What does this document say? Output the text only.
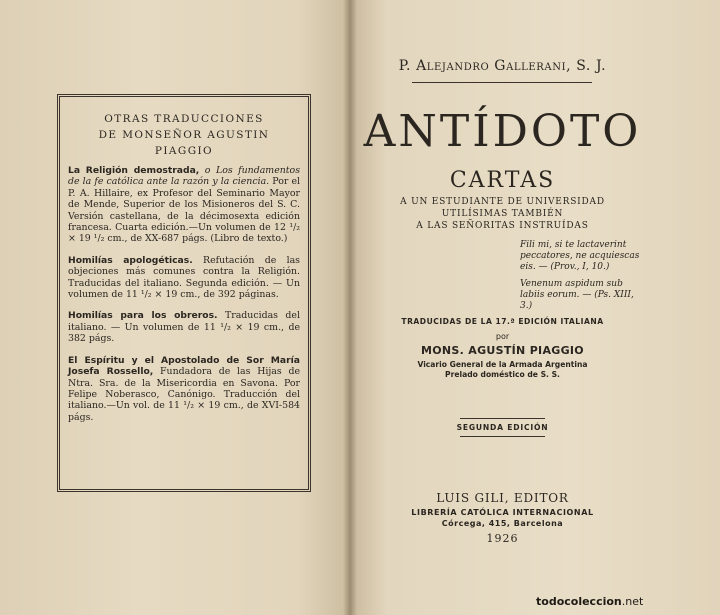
OTRAS TRADUCCIONES
DE MONSEÑOR AGUSTIN PIAGGIO
La Religión demostrada, o Los fundamentos de la fe católica ante la razón y la ciencia. Por el P. A. Hillaire, ex Profesor del Seminario Mayor de Mende, Superior de los Misioneros del S. C. Versión castellana, de la décimosexta edición francesa. Cuarta edición.—Un volumen de 12 ¹/₂ × 19 ¹/₂ cm., de XX-687 págs. (Libro de texto.)
Homilías apologéticas. Refutación de las objeciones más comunes contra la Religión. Traducidas del italiano. Segunda edición. — Un volumen de 11 ¹/₂ × 19 cm., de 392 páginas.
Homilías para los obreros. Traducidas del italiano. — Un volumen de 11 ¹/₂ × 19 cm., de 382 págs.
El Espíritu y el Apostolado de Sor María Josefa Rossello, Fundadora de las Hijas de Ntra. Sra. de la Misericordia en Savona. Por Felipe Noberasco, Canónigo. Traducción del italiano.—Un vol. de 11 ¹/₂ × 19 cm., de XVI-584 págs.
P. Alejandro Gallerani, S. J.
ANTÍDOTO
CARTAS
A UN ESTUDIANTE DE UNIVERSIDAD
UTILÍSIMAS TAMBIÉN
A LAS SEÑORITAS INSTRUÍDAS
Fili mi, si te lactaverint peccatores, ne acquiescas eis. — (Prov., I, 10.)
Venenum aspidum sub labiis eorum. — (Ps. XIII, 3.)
TRADUCIDAS DE LA 17.ª EDICIÓN ITALIANA
por
MONS. AGUSTÍN PIAGGIO
Vicario General de la Armada Argentina
Prelado doméstico de S. S.
SEGUNDA EDICIÓN
LUIS GILI, EDITOR
LIBRERÍA CATÓLICA INTERNACIONAL
Córcega, 415, Barcelona
1926
todocoleccion.net
